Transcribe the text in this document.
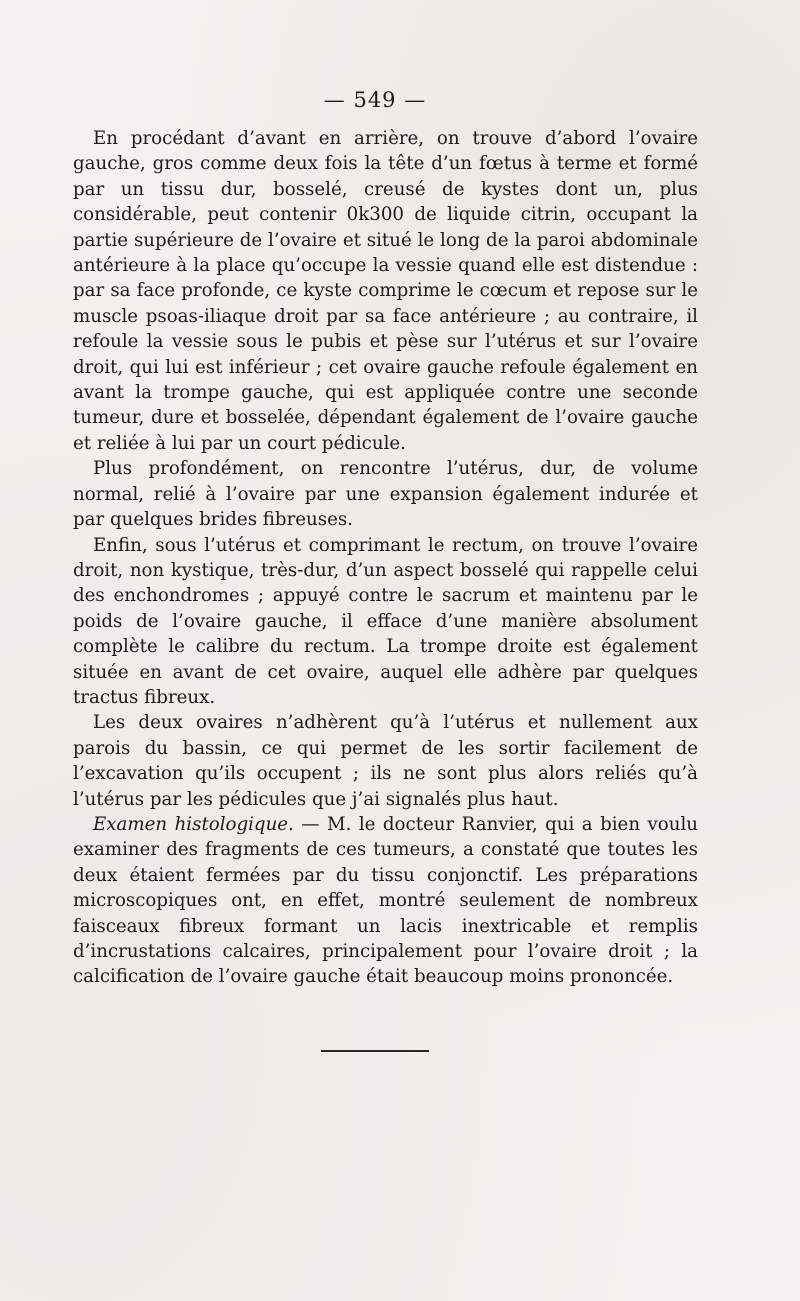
— 549 —

En procédant d’avant en arrière, on trouve d’abord l’ovaire gauche, gros comme deux fois la tête d’un fœtus à terme et formé par un tissu dur, bosselé, creusé de kystes dont un, plus considérable, peut contenir 0k300 de liquide citrin, occupant la partie supérieure de l’ovaire et situé le long de la paroi abdominale antérieure à la place qu’occupe la vessie quand elle est distendue : par sa face profonde, ce kyste comprime le cœcum et repose sur le muscle psoas-iliaque droit par sa face antérieure ; au contraire, il refoule la vessie sous le pubis et pèse sur l’utérus et sur l’ovaire droit, qui lui est inférieur ; cet ovaire gauche refoule également en avant la trompe gauche, qui est appliquée contre une seconde tumeur, dure et bosselée, dépendant également de l’ovaire gauche et reliée à lui par un court pédicule.

Plus profondément, on rencontre l’utérus, dur, de volume normal, relié à l’ovaire par une expansion également indurée et par quelques brides fibreuses.

Enfin, sous l’utérus et comprimant le rectum, on trouve l’ovaire droit, non kystique, très-dur, d’un aspect bosselé qui rappelle celui des enchondromes ; appuyé contre le sacrum et maintenu par le poids de l’ovaire gauche, il efface d’une manière absolument complète le calibre du rectum. La trompe droite est également située en avant de cet ovaire, auquel elle adhère par quelques tractus fibreux.

Les deux ovaires n’adhèrent qu’à l’utérus et nullement aux parois du bassin, ce qui permet de les sortir facilement de l’excavation qu’ils occupent ; ils ne sont plus alors reliés qu’à l’utérus par les pédicules que j’ai signalés plus haut.

Examen histologique. — M. le docteur Ranvier, qui a bien voulu examiner des fragments de ces tumeurs, a constaté que toutes les deux étaient fermées par du tissu conjonctif. Les préparations microscopiques ont, en effet, montré seulement de nombreux faisceaux fibreux formant un lacis inextricable et remplis d’incrustations calcaires, principalement pour l’ovaire droit ; la calcification de l’ovaire gauche était beaucoup moins prononcée.
